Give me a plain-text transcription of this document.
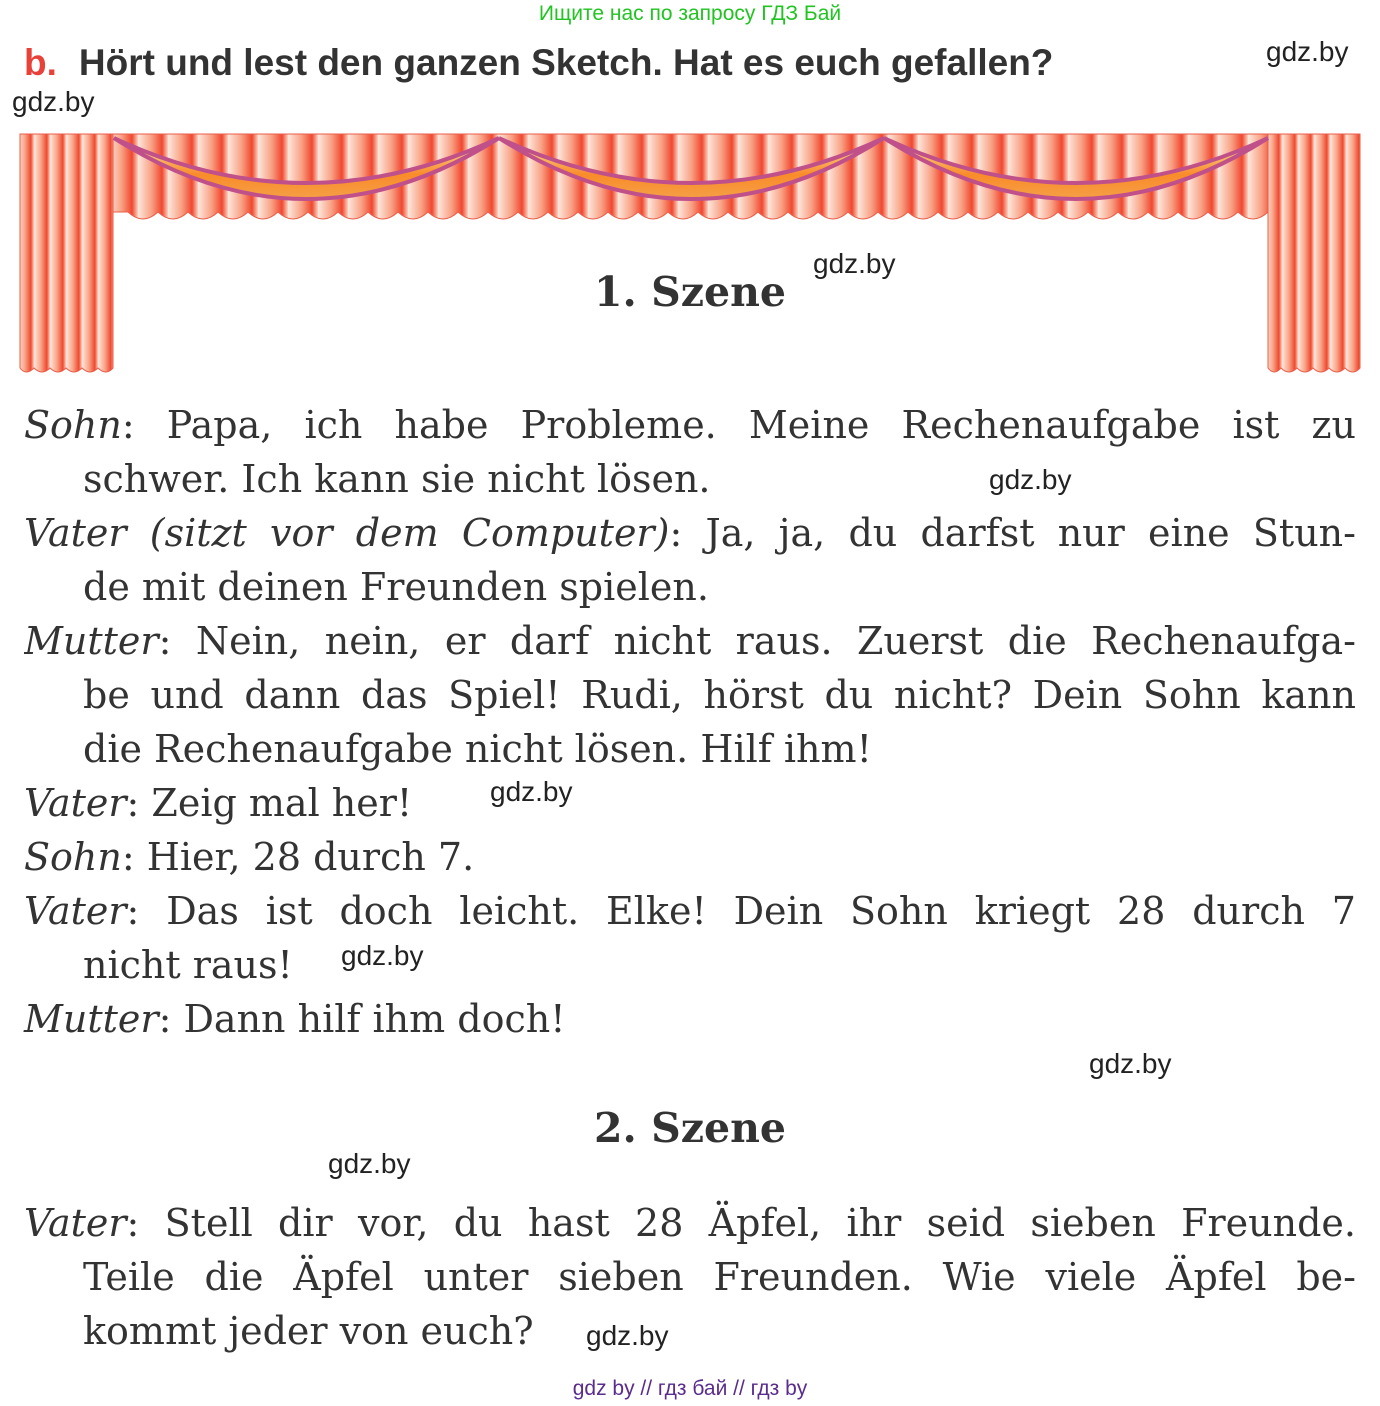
Ищите нас по запросу ГДЗ Бай
b. Hört und lest den ganzen Sketch. Hat es euch gefallen?	gdz.by
gdz.by
1. Szene
gdz.by
Sohn: Papa, ich habe Probleme. Meine Rechenaufgabe ist zu
schwer. Ich kann sie nicht lösen.	gdz.by
Vater (sitzt vor dem Computer): Ja, ja, du darfst nur eine Stun-
de mit deinen Freunden spielen.
Mutter: Nein, nein, er darf nicht raus. Zuerst die Rechenaufga-
be und dann das Spiel! Rudi, hörst du nicht? Dein Sohn kann
die Rechenaufgabe nicht lösen. Hilf ihm!
Vater: Zeig mal her!	gdz.by
Sohn: Hier, 28 durch 7.
Vater: Das ist doch leicht. Elke! Dein Sohn kriegt 28 durch 7
nicht raus!	gdz.by
Mutter: Dann hilf ihm doch!
gdz.by
2. Szene
gdz.by
Vater: Stell dir vor, du hast 28 Äpfel, ihr seid sieben Freunde.
Teile die Äpfel unter sieben Freunden. Wie viele Äpfel be-
kommt jeder von euch?	gdz.by
gdz by // гдз бай // гдз by
